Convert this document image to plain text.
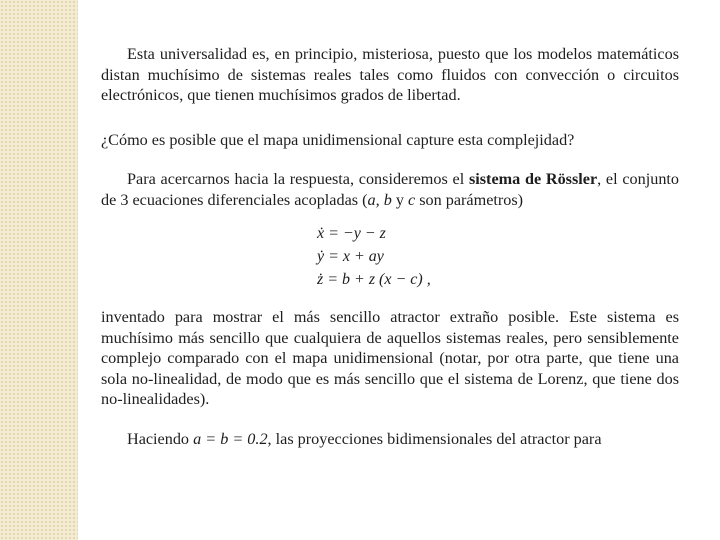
Esta universalidad es, en principio, misteriosa, puesto que los modelos matemáticos distan muchísimo de sistemas reales tales como fluidos con convección o circuitos electrónicos, que tienen muchísimos grados de libertad.

¿Cómo es posible que el mapa unidimensional capture esta complejidad?

Para acercarnos hacia la respuesta, consideremos el sistema de Rössler, el conjunto de 3 ecuaciones diferenciales acopladas (a, b y c son parámetros)

ẋ = −y − z
ẏ = x + ay
ż = b + z (x − c) ,

inventado para mostrar el más sencillo atractor extraño posible. Este sistema es muchísimo más sencillo que cualquiera de aquellos sistemas reales, pero sensiblemente complejo comparado con el mapa unidimensional (notar, por otra parte, que tiene una sola no-linealidad, de modo que es más sencillo que el sistema de Lorenz, que tiene dos no-linealidades).

Haciendo a = b = 0.2, las proyecciones bidimensionales del atractor para
